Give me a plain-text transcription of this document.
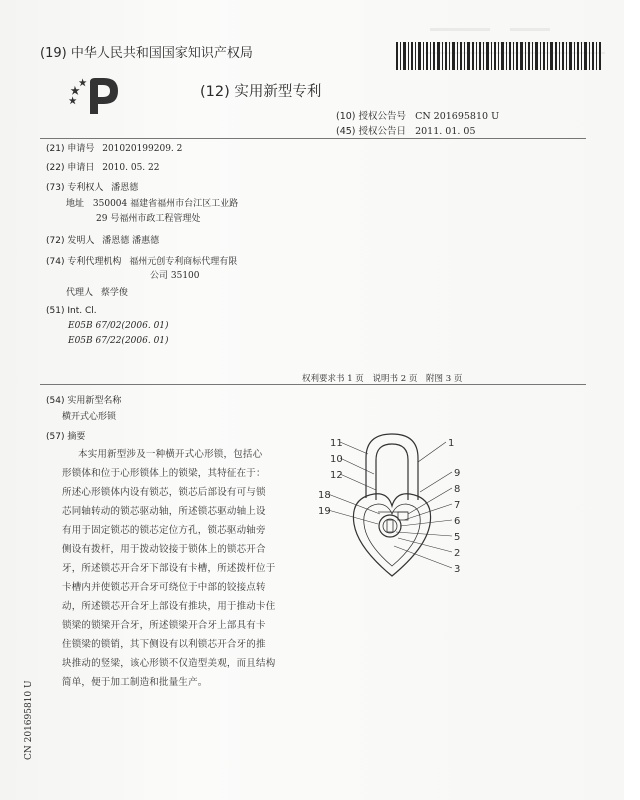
(19) 中华人民共和国国家知识产权局
(12) 实用新型专利
(10) 授权公告号 CN 201695810 U
(45) 授权公告日 2011. 01. 05
(21) 申请号 201020199209. 2
(22) 申请日 2010. 05. 22
(73) 专利权人 潘恩德
地址 350004 福建省福州市台江区工业路
29 号福州市政工程管理处
(72) 发明人 潘恩德 潘惠德
(74) 专利代理机构 福州元创专利商标代理有限
公司 35100
代理人 蔡学俊
(51) Int. Cl.
E05B 67/02(2006. 01)
E05B 67/22(2006. 01)
权利要求书 1 页 说明书 2 页 附图 3 页
(54) 实用新型名称
横开式心形锁
(57) 摘要
本实用新型涉及一种横开式心形锁，包括心
形锁体和位于心形锁体上的锁梁，其特征在于：
所述心形锁体内设有锁芯，锁芯后部设有可与锁
芯同轴转动的锁芯驱动轴，所述锁芯驱动轴上设
有用于固定锁芯的锁芯定位方孔，锁芯驱动轴旁
侧设有拨杆，用于拨动铰接于锁体上的锁芯开合
牙，所述锁芯开合牙下部设有卡槽，所述拨杆位于
卡槽内并使锁芯开合牙可绕位于中部的铰接点转
动，所述锁芯开合牙上部设有推块，用于推动卡住
锁梁的锁梁开合牙，所述锁梁开合牙上部具有卡
住锁梁的锁销，其下侧设有以利锁芯开合牙的推
块推动的竖梁，该心形锁不仅造型美观，而且结构
简单，便于加工制造和批量生产。
11
10
12
18
19
1
9
8
7
6
5
2
3
CN 201695810 U
